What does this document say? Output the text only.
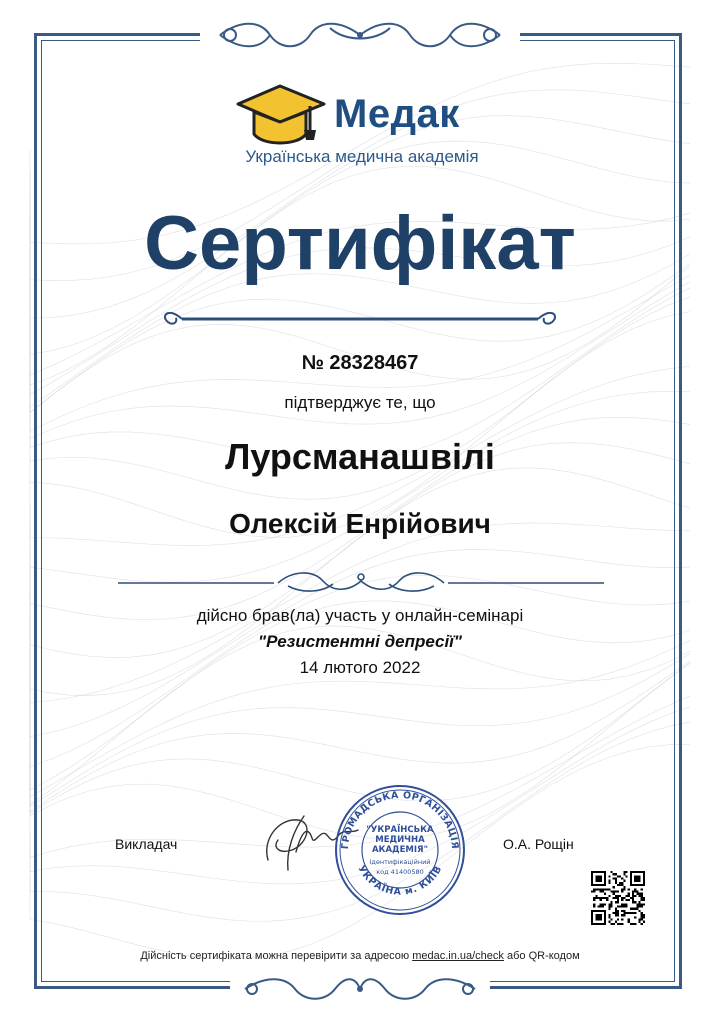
Медак
Українська медична академія
Сертифікат
№ 28328467
підтверджує те, що
Лурсманашвілі
Олексій Енрійович
дійсно брав(ла) участь у онлайн-семінарі
"Резистентні депресії"
14 лютого 2022
Викладач	О.А. Рощін
ГРОМАДСЬКА ОРГАНІЗАЦІЯ
УКРАЇНА м. КИЇВ
"УКРАЇНСЬКА
МЕДИЧНА
АКАДЕМІЯ"
Ідентифікаційний
код 41400580
Дійсність сертифіката можна перевірити за адресою medac.in.ua/check або QR-кодом
